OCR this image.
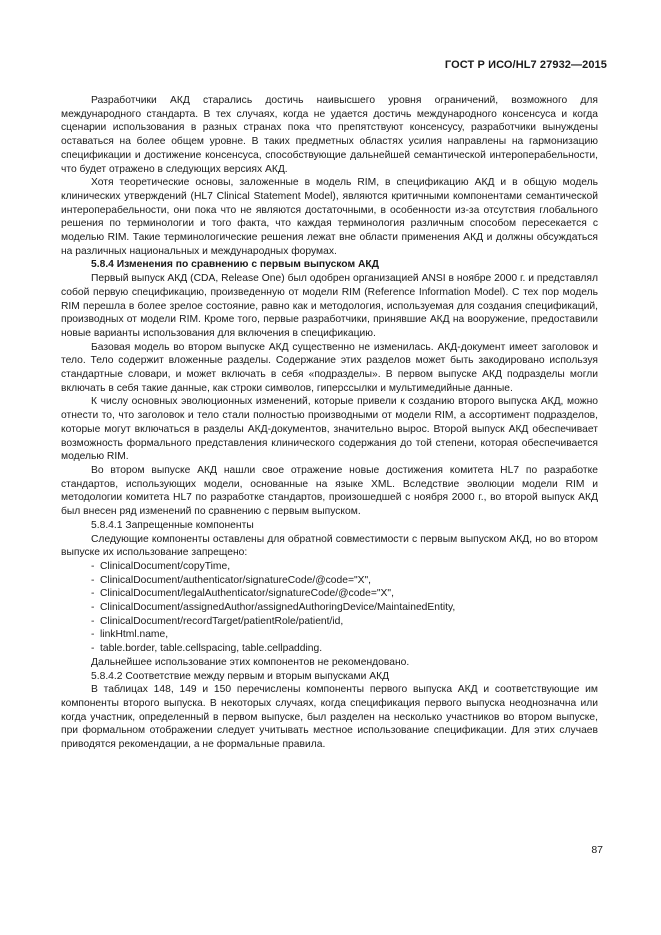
ГОСТ Р ИСО/HL7 27932—2015

Разработчики АКД старались достичь наивысшего уровня ограничений, возможного для международного стандарта. В тех случаях, когда не удается достичь международного консенсуса и когда сценарии использования в разных странах пока что препятствуют консенсусу, разработчики вынуждены оставаться на более общем уровне. В таких предметных областях усилия направлены на гармонизацию спецификации и достижение консенсуса, способствующие дальнейшей семантической интероперабельности, что будет отражено в следующих версиях АКД.

Хотя теоретические основы, заложенные в модель RIM, в спецификацию АКД и в общую модель клинических утверждений (HL7 Clinical Statement Model), являются критичными компонентами семантической интероперабельности, они пока что не являются достаточными, в особенности из-за отсутствия глобального решения по терминологии и того факта, что каждая терминология различным способом пересекается с моделью RIM. Такие терминологические решения лежат вне области применения АКД и должны обсуждаться на различных национальных и международных форумах.

5.8.4 Изменения по сравнению с первым выпуском АКД

Первый выпуск АКД (CDA, Release One) был одобрен организацией ANSI в ноябре 2000 г. и представлял собой первую спецификацию, произведенную от модели RIM (Reference Information Model). С тех пор модель RIM перешла в более зрелое состояние, равно как и методология, используемая для создания спецификаций, производных от модели RIM. Кроме того, первые разработчики, принявшие АКД на вооружение, предоставили новые варианты использования для включения в спецификацию.

Базовая модель во втором выпуске АКД существенно не изменилась. АКД-документ имеет заголовок и тело. Тело содержит вложенные разделы. Содержание этих разделов может быть закодировано используя стандартные словари, и может включать в себя «подразделы». В первом выпуске АКД подразделы могли включать в себя такие данные, как строки символов, гиперссылки и мультимедийные данные.

К числу основных эволюционных изменений, которые привели к созданию второго выпуска АКД, можно отнести то, что заголовок и тело стали полностью производными от модели RIM, а ассортимент подразделов, которые могут включаться в разделы АКД-документов, значительно вырос. Второй выпуск АКД обеспечивает возможность формального представления клинического содержания до той степени, которая обеспечивается моделью RIM.

Во втором выпуске АКД нашли свое отражение новые достижения комитета HL7 по разработке стандартов, использующих модели, основанные на языке XML. Вследствие эволюции модели RIM и методологии комитета HL7 по разработке стандартов, произошедшей с ноября 2000 г., во второй выпуск АКД был внесен ряд изменений по сравнению с первым выпуском.

5.8.4.1 Запрещенные компоненты

Следующие компоненты оставлены для обратной совместимости с первым выпуском АКД, но во втором выпуске их использование запрещено:

- ClinicalDocument/copyTime,
- ClinicalDocument/authenticator/signatureCode/@code="X",
- ClinicalDocument/legalAuthenticator/signatureCode/@code="X",
- ClinicalDocument/assignedAuthor/assignedAuthoringDevice/MaintainedEntity,
- ClinicalDocument/recordTarget/patientRole/patient/id,
- linkHtml.name,
- table.border, table.cellspacing, table.cellpadding.

Дальнейшее использование этих компонентов не рекомендовано.

5.8.4.2 Соответствие между первым и вторым выпусками АКД

В таблицах 148, 149 и 150 перечислены компоненты первого выпуска АКД и соответствующие им компоненты второго выпуска. В некоторых случаях, когда спецификация первого выпуска неоднозначна или когда участник, определенный в первом выпуске, был разделен на несколько участников во втором выпуске, при формальном отображении следует учитывать местное использование спецификации. Для этих случаев приводятся рекомендации, а не формальные правила.

87
